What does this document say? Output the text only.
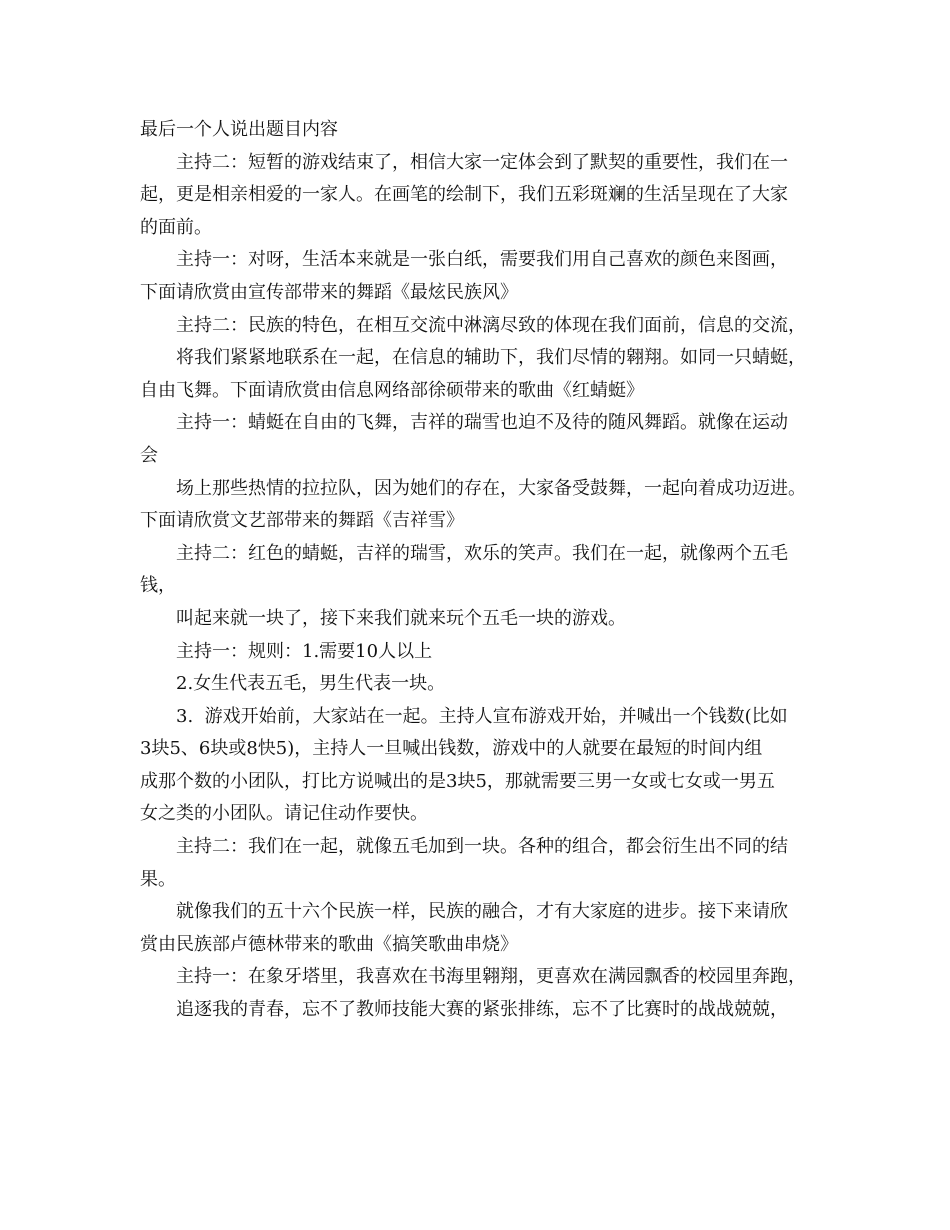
最后一个人说出题目内容
主持二：短暂的游戏结束了，相信大家一定体会到了默契的重要性，我们在一
起，更是相亲相爱的一家人。在画笔的绘制下，我们五彩斑斓的生活呈现在了大家
的面前。
主持一：对呀，生活本来就是一张白纸，需要我们用自己喜欢的颜色来图画，
下面请欣赏由宣传部带来的舞蹈《最炫民族风》
主持二：民族的特色，在相互交流中淋漓尽致的体现在我们面前，信息的交流，
将我们紧紧地联系在一起，在信息的辅助下，我们尽情的翱翔。如同一只蜻蜓，
自由飞舞。下面请欣赏由信息网络部徐硕带来的歌曲《红蜻蜓》
主持一：蜻蜓在自由的飞舞，吉祥的瑞雪也迫不及待的随风舞蹈。就像在运动
会
场上那些热情的拉拉队，因为她们的存在，大家备受鼓舞，一起向着成功迈进。
下面请欣赏文艺部带来的舞蹈《吉祥雪》
主持二：红色的蜻蜓，吉祥的瑞雪，欢乐的笑声。我们在一起，就像两个五毛
钱，
叫起来就一块了，接下来我们就来玩个五毛一块的游戏。
主持一：规则：1.需要10人以上
2.女生代表五毛，男生代表一块。
3.  游戏开始前，大家站在一起。主持人宣布游戏开始，并喊出一个钱数(比如
3块5、6块或8快5)，主持人一旦喊出钱数，游戏中的人就要在最短的时间内组
成那个数的小团队，打比方说喊出的是3块5，那就需要三男一女或七女或一男五
女之类的小团队。请记住动作要快。
主持二：我们在一起，就像五毛加到一块。各种的组合，都会衍生出不同的结
果。
就像我们的五十六个民族一样，民族的融合，才有大家庭的进步。接下来请欣
赏由民族部卢德林带来的歌曲《搞笑歌曲串烧》
主持一：在象牙塔里，我喜欢在书海里翱翔，更喜欢在满园飘香的校园里奔跑，
追逐我的青春，忘不了教师技能大赛的紧张排练，忘不了比赛时的战战兢兢，
